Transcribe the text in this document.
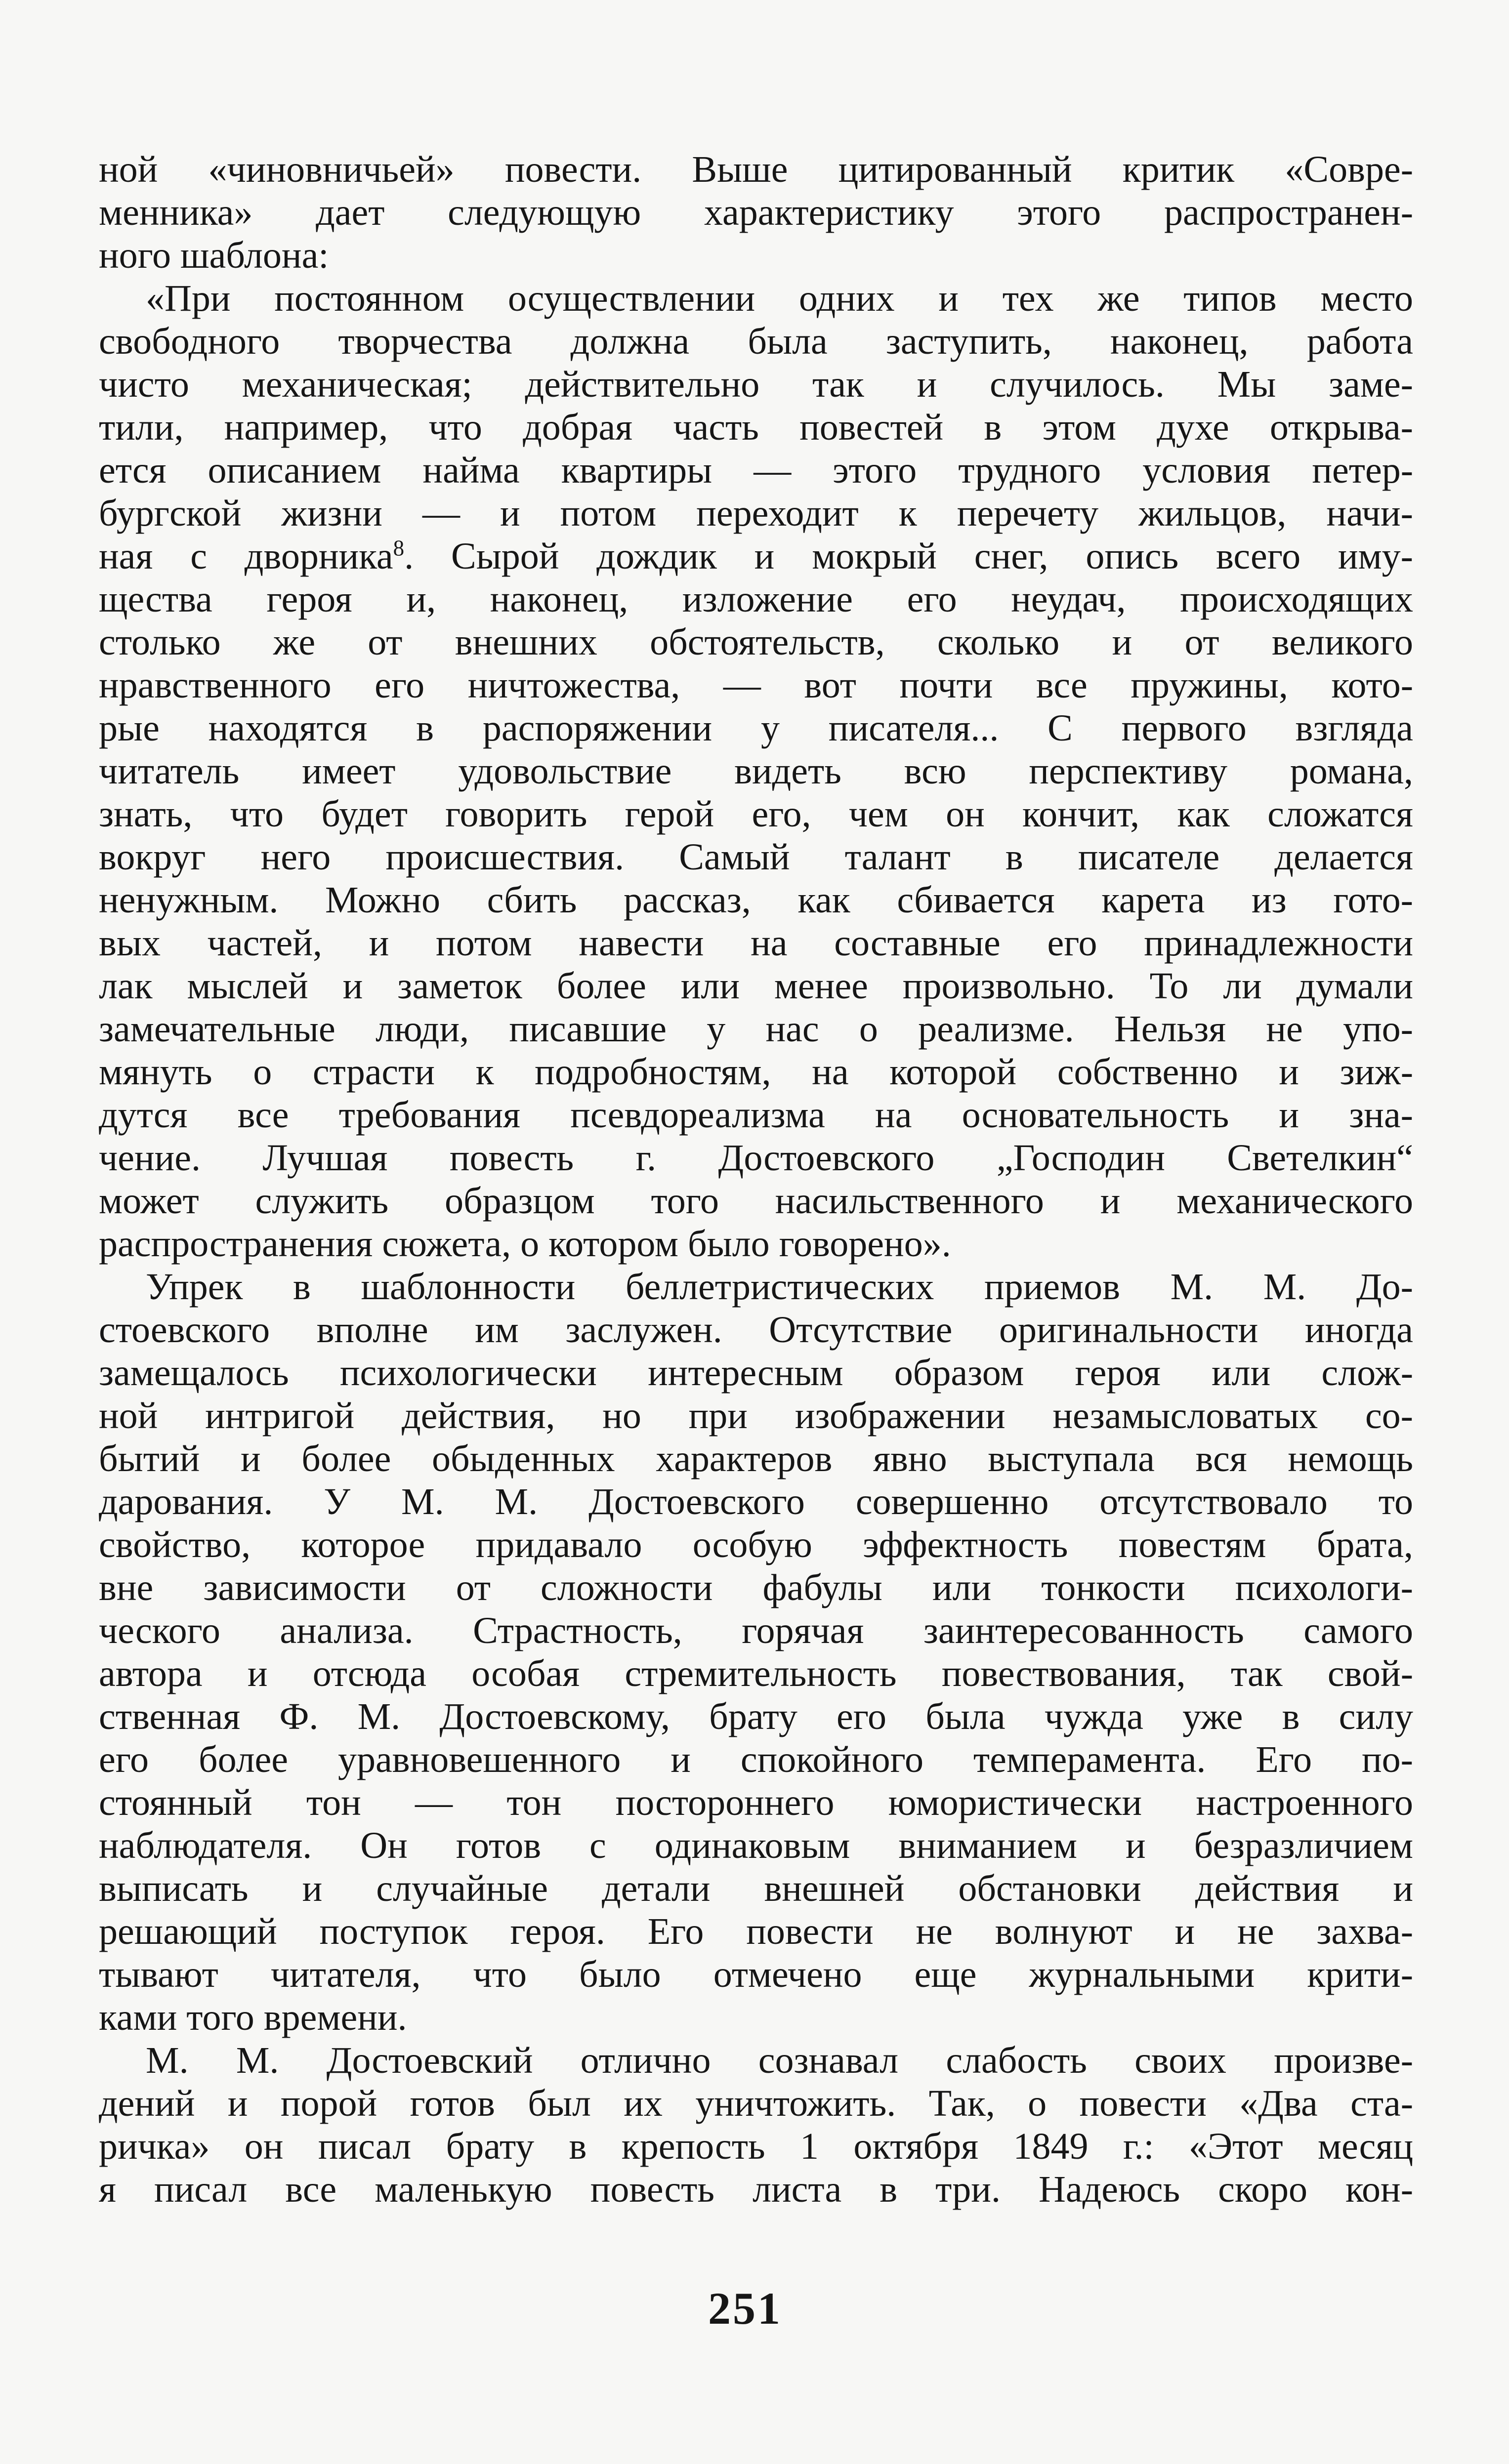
ной «чиновничьей» повести. Выше цитированный критик «Совре-
менника» дает следующую характеристику этого распространен-
ного шаблона:
«При постоянном осуществлении одних и тех же типов место
свободного творчества должна была заступить, наконец, работа
чисто механическая; действительно так и случилось. Мы заме-
тили, например, что добрая часть повестей в этом духе открыва-
ется описанием найма квартиры — этого трудного условия петер-
бургской жизни — и потом переходит к перечету жильцов, начи-
ная с дворника$^8$. Сырой дождик и мокрый снег, опись всего иму-
щества героя и, наконец, изложение его неудач, происходящих
столько же от внешних обстоятельств, сколько и от великого
нравственного его ничтожества, — вот почти все пружины, кото-
рые находятся в распоряжении у писателя... С первого взгляда
читатель имеет удовольствие видеть всю перспективу романа,
знать, что будет говорить герой его, чем он кончит, как сложатся
вокруг него происшествия. Самый талант в писателе делается
ненужным. Можно сбить рассказ, как сбивается карета из гото-
вых частей, и потом навести на составные его принадлежности
лак мыслей и заметок более или менее произвольно. То ли думали
замечательные люди, писавшие у нас о реализме. Нельзя не упо-
мянуть о страсти к подробностям, на которой собственно и зиж-
дутся все требования псевдореализма на основательность и зна-
чение. Лучшая повесть г. Достоевского „Господин Светелкин“
может служить образцом того насильственного и механического
распространения сюжета, о котором было говорено».
Упрек в шаблонности беллетристических приемов М. М. До-
стоевского вполне им заслужен. Отсутствие оригинальности иногда
замещалось психологически интересным образом героя или слож-
ной интригой действия, но при изображении незамысловатых со-
бытий и более обыденных характеров явно выступала вся немощь
дарования. У М. М. Достоевского совершенно отсутствовало то
свойство, которое придавало особую эффектность повестям брата,
вне зависимости от сложности фабулы или тонкости психологи-
ческого анализа. Страстность, горячая заинтересованность самого
автора и отсюда особая стремительность повествования, так свой-
ственная Ф. М. Достоевскому, брату его была чужда уже в силу
его более уравновешенного и спокойного темперамента. Его по-
стоянный тон — тон постороннего юмористически настроенного
наблюдателя. Он готов с одинаковым вниманием и безразличием
выписать и случайные детали внешней обстановки действия и
решающий поступок героя. Его повести не волнуют и не захва-
тывают читателя, что было отмечено еще журнальными крити-
ками того времени.
М. М. Достоевский отлично сознавал слабость своих произве-
дений и порой готов был их уничтожить. Так, о повести «Два ста-
ричка» он писал брату в крепость 1 октября 1849 г.: «Этот месяц
я писал все маленькую повесть листа в три. Надеюсь скоро кон-
251
